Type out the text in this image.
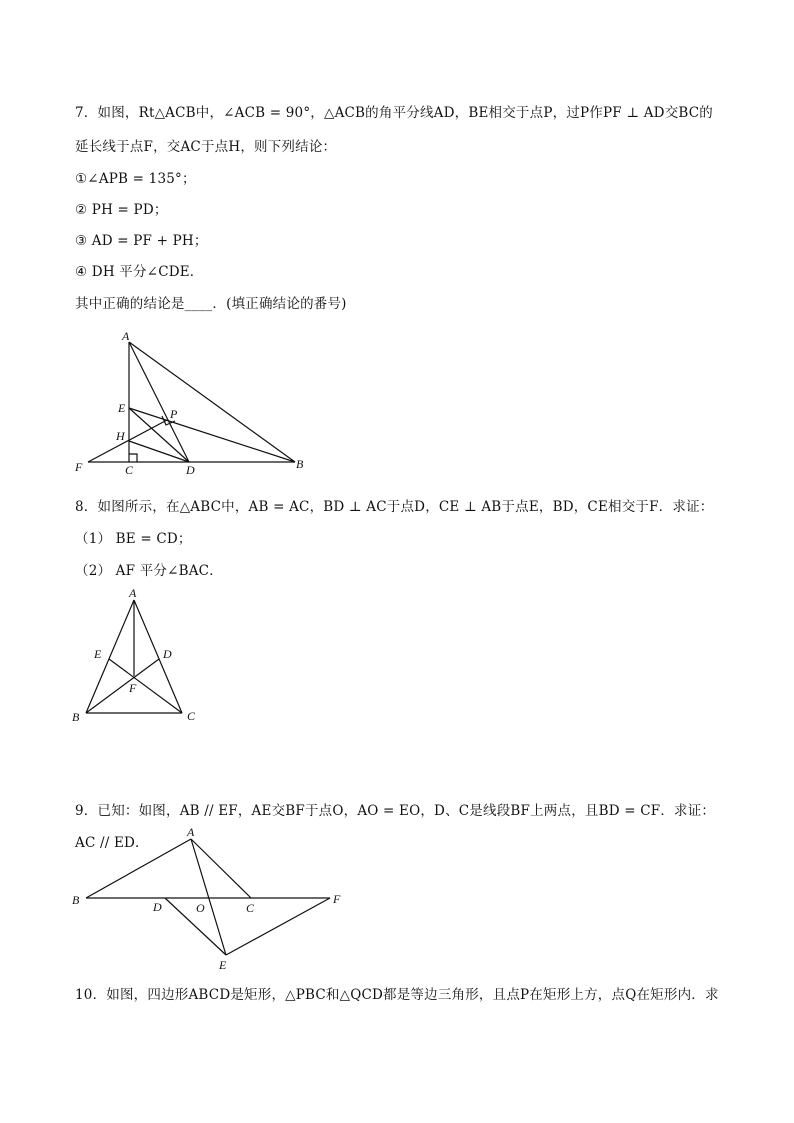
7．如图，Rt△ACB中，∠ACB = 90°，△ACB的角平分线AD，BE相交于点P，过P作PF ⊥ AD交BC的
延长线于点F，交AC于点H，则下列结论：
①∠APB = 135°；
② PH = PD；
③ AD = PF + PH；
④ DH 平分∠CDE．
其中正确的结论是____．(填正确结论的番号)
A
E	P
H
F	C	D	B
8．如图所示，在△ABC中，AB = AC，BD ⊥ AC于点D，CE ⊥ AB于点E，BD，CE相交于F．求证：
（1） BE = CD；
（2） AF 平分∠BAC．
A
E	D
F
B	C
9．已知：如图，AB // EF，AE交BF于点O，AO = EO，D、C是线段BF上两点，且BD = CF．求证：
AC // ED．
A
B	D	O	C
F
E
10．如图，四边形ABCD是矩形，△PBC和△QCD都是等边三角形，且点P在矩形上方，点Q在矩形内．求
